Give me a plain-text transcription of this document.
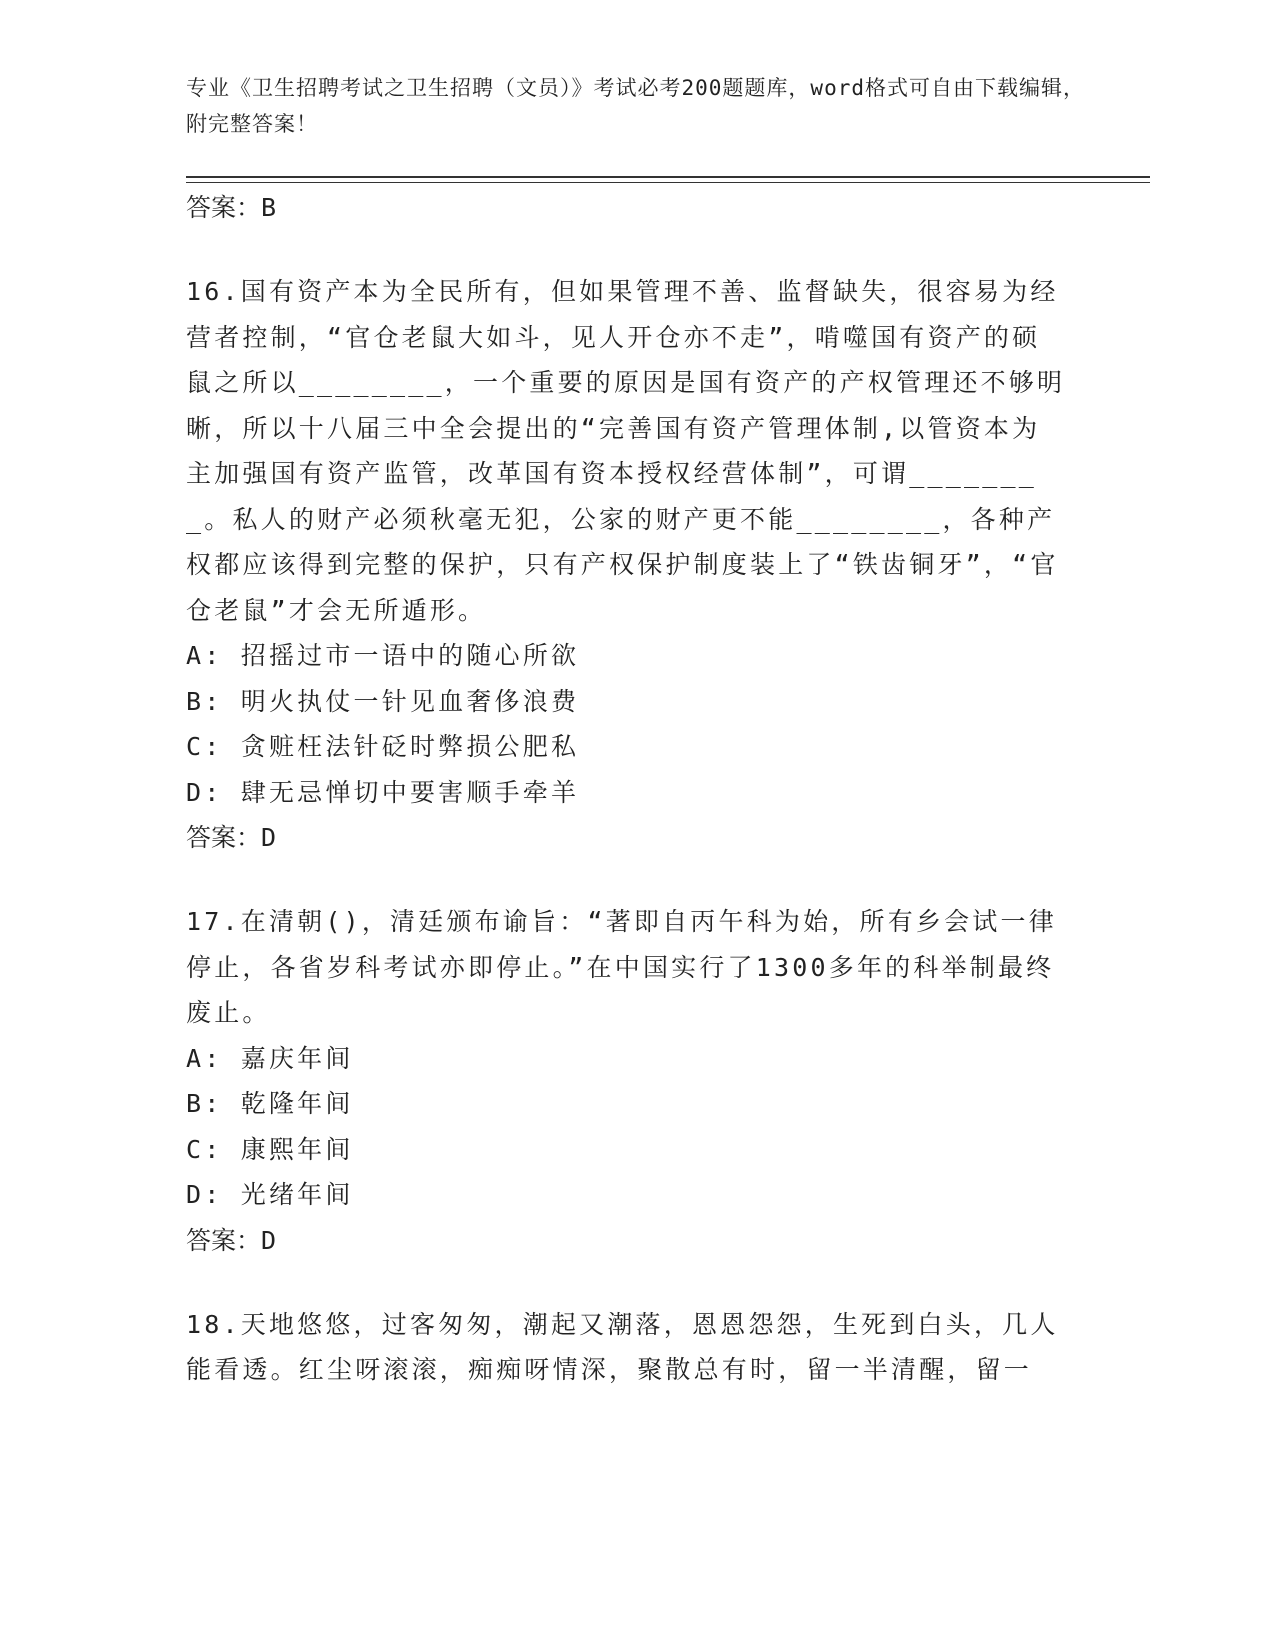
专业《卫生招聘考试之卫生招聘（文员）》考试必考200题题库，word格式可自由下载编辑，附完整答案！

答案：B

16.国有资产本为全民所有，但如果管理不善、监督缺失，很容易为经营者控制，“官仓老鼠大如斗，见人开仓亦不走”，啃噬国有资产的硕鼠之所以________，一个重要的原因是国有资产的产权管理还不够明晰，所以十八届三中全会提出的“完善国有资产管理体制,以管资本为主加强国有资产监管，改革国有资本授权经营体制”，可谓________。私人的财产必须秋毫无犯，公家的财产更不能________，各种产权都应该得到完整的保护，只有产权保护制度装上了“铁齿铜牙”，“官仓老鼠”才会无所遁形。

A: 招摇过市一语中的随心所欲

B: 明火执仗一针见血奢侈浪费

C: 贪赃枉法针砭时弊损公肥私

D: 肆无忌惮切中要害顺手牵羊

答案：D

17.在清朝()，清廷颁布谕旨：“著即自丙午科为始，所有乡会试一律停止，各省岁科考试亦即停止。”在中国实行了1300多年的科举制最终废止。

A: 嘉庆年间

B: 乾隆年间

C: 康熙年间

D: 光绪年间

答案：D

18.天地悠悠，过客匆匆，潮起又潮落，恩恩怨怨，生死到白头，几人能看透。红尘呀滚滚，痴痴呀情深，聚散总有时，留一半清醒，留一
